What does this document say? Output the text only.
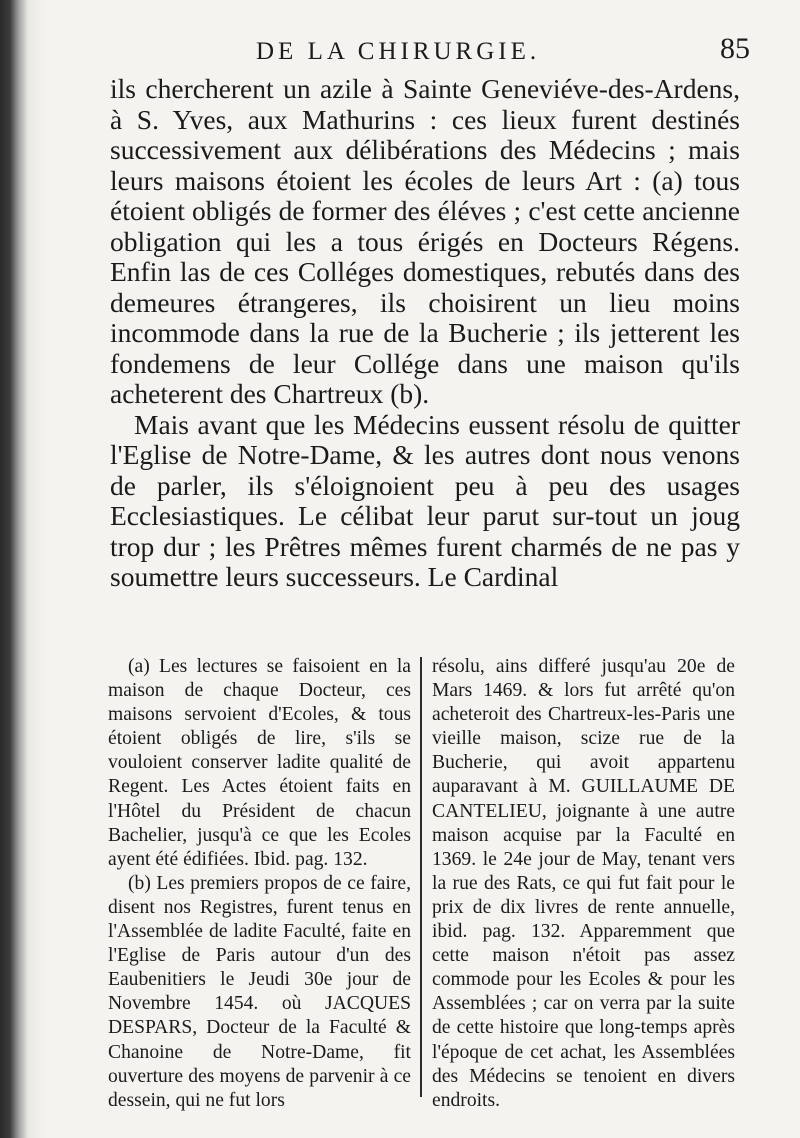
DE LA CHIRURGIE.	85

ils chercherent un azile à Sainte Geneviéve-des-Ardens, à S. Yves, aux Mathurins : ces lieux furent destinés successivement aux délibérations des Médecins ; mais leurs maisons étoient les écoles de leurs Art : (a) tous étoient obligés de former des éléves ; c'est cette ancienne obligation qui les a tous érigés en Docteurs Régens. Enfin las de ces Colléges domestiques, rebutés dans des demeures étrangeres, ils choisirent un lieu moins incommode dans la rue de la Bucherie ; ils jetterent les fondemens de leur Collége dans une maison qu'ils acheterent des Chartreux (b).

Mais avant que les Médecins eussent résolu de quitter l'Eglise de Notre-Dame, & les autres dont nous venons de parler, ils s'éloignoient peu à peu des usages Ecclesiastiques. Le célibat leur parut sur-tout un joug trop dur ; les Prêtres mêmes furent charmés de ne pas y soumettre leurs successeurs. Le Cardinal

(a) Les lectures se faisoient en la maison de chaque Docteur, ces maisons servoient d'Ecoles, & tous étoient obligés de lire, s'ils se vouloient conserver ladite qualité de Regent. Les Actes étoient faits en l'Hôtel du Président de chacun Bachelier, jusqu'à ce que les Ecoles ayent été édifiées. Ibid. pag. 132.

(b) Les premiers propos de ce faire, disent nos Registres, furent tenus en l'Assemblée de ladite Faculté, faite en l'Eglise de Paris autour d'un des Eaubenitiers le Jeudi 30e jour de Novembre 1454. où JACQUES DESPARS, Docteur de la Faculté & Chanoine de Notre-Dame, fit ouverture des moyens de parvenir à ce dessein, qui ne fut lors

résolu, ains differé jusqu'au 20e de Mars 1469. & lors fut arrêté qu'on acheteroit des Chartreux-les-Paris une vieille maison, scize rue de la Bucherie, qui avoit appartenu auparavant à M. GUILLAUME DE CANTELIEU, joignante à une autre maison acquise par la Faculté en 1369. le 24e jour de May, tenant vers la rue des Rats, ce qui fut fait pour le prix de dix livres de rente annuelle, ibid. pag. 132. Apparemment que cette maison n'étoit pas assez commode pour les Ecoles & pour les Assemblées ; car on verra par la suite de cette histoire que long-temps après l'époque de cet achat, les Assemblées des Médecins se tenoient en divers endroits.
